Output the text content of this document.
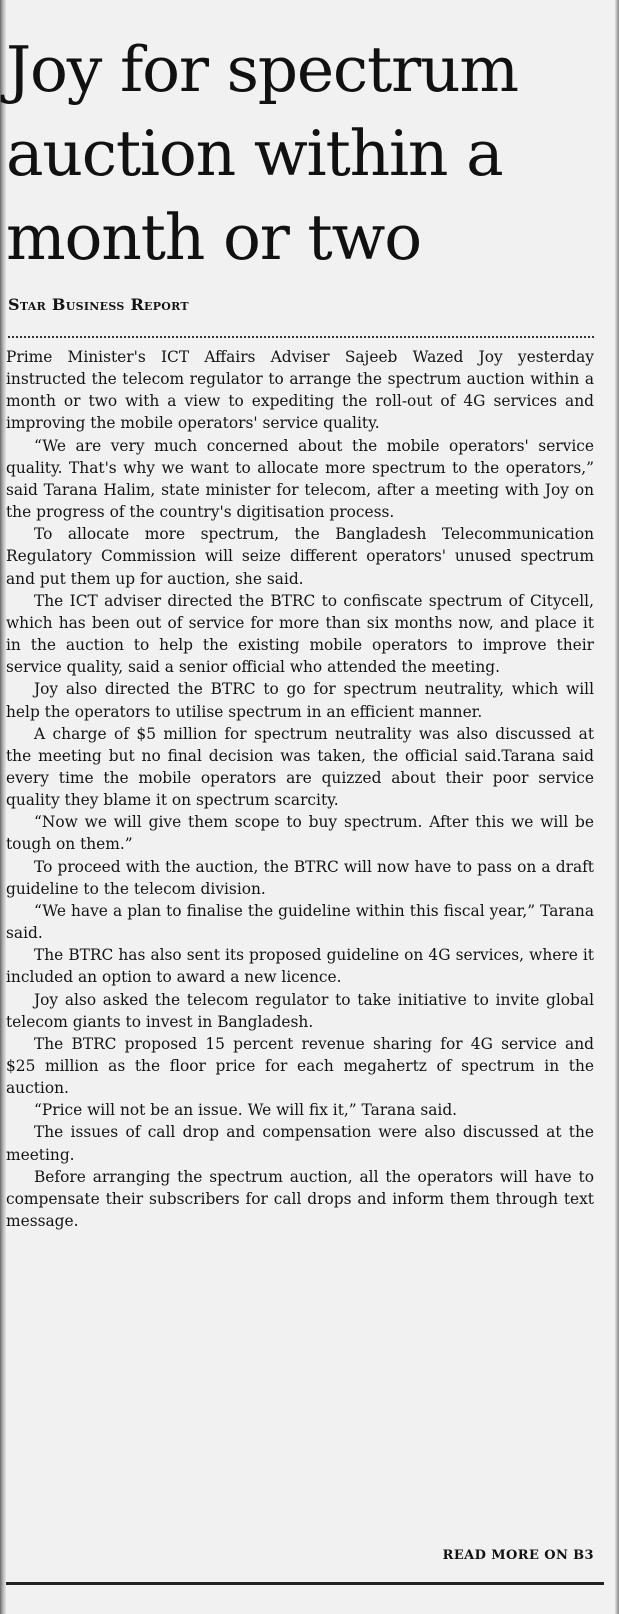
Joy for spectrum
auction within a
month or two

Star Business Report

Prime Minister's ICT Affairs Adviser Sajeeb Wazed Joy yesterday instructed the telecom regulator to arrange the spectrum auction within a month or two with a view to expediting the roll-out of 4G services and improving the mobile operators' service quality.

“We are very much concerned about the mobile operators' service quality. That's why we want to allocate more spectrum to the operators,” said Tarana Halim, state minister for telecom, after a meeting with Joy on the progress of the country's digitisation process.

To allocate more spectrum, the Bangladesh Telecommunication Regulatory Commission will seize different operators' unused spectrum and put them up for auction, she said.

The ICT adviser directed the BTRC to confiscate spectrum of Citycell, which has been out of service for more than six months now, and place it in the auction to help the existing mobile operators to improve their service quality, said a senior official who attended the meeting.

Joy also directed the BTRC to go for spectrum neutrality, which will help the operators to utilise spectrum in an efficient manner.

A charge of $5 million for spectrum neutrality was also discussed at the meeting but no final decision was taken, the official said.Tarana said every time the mobile operators are quizzed about their poor service quality they blame it on spectrum scarcity.

“Now we will give them scope to buy spectrum. After this we will be tough on them.”

To proceed with the auction, the BTRC will now have to pass on a draft guideline to the telecom division.

“We have a plan to finalise the guideline within this fiscal year,” Tarana said.

The BTRC has also sent its proposed guideline on 4G services, where it included an option to award a new licence.

Joy also asked the telecom regulator to take initiative to invite global telecom giants to invest in Bangladesh.

The BTRC proposed 15 percent revenue sharing for 4G service and $25 million as the floor price for each megahertz of spectrum in the auction.

“Price will not be an issue. We will fix it,” Tarana said.

The issues of call drop and compensation were also discussed at the meeting.

Before arranging the spectrum auction, all the operators will have to compensate their subscribers for call drops and inform them through text message.

READ MORE ON B3
